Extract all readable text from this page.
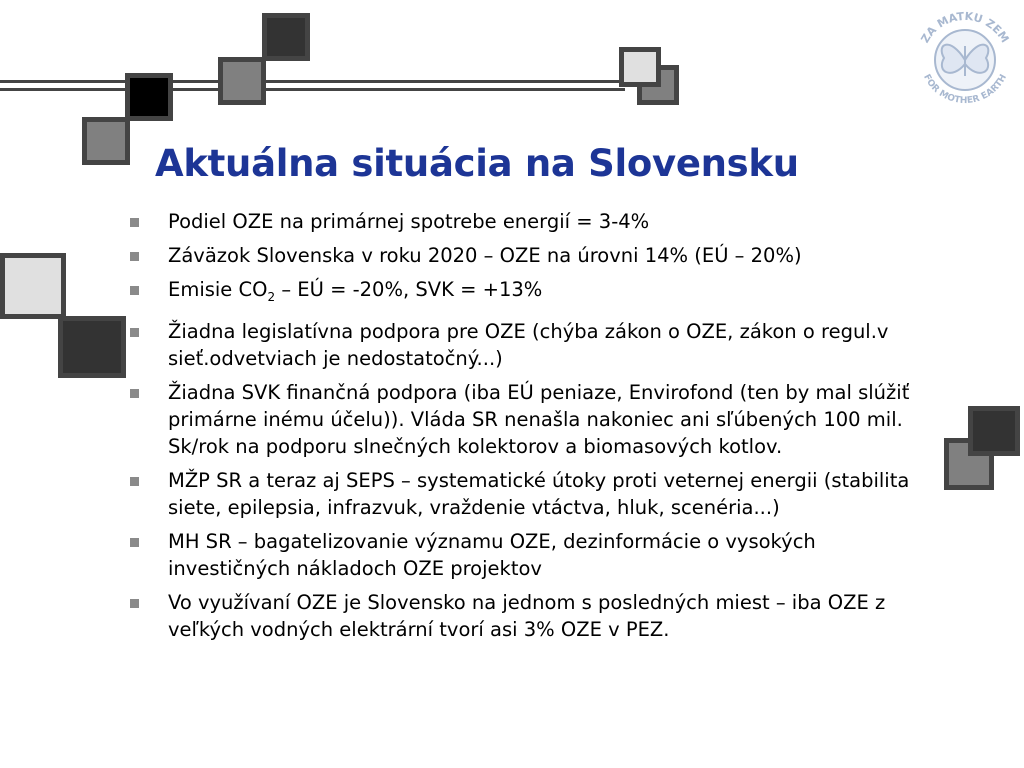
ZA MATKU ZEM
FOR MOTHER EARTH
Aktuálna situácia na Slovensku
Podiel OZE na primárnej spotrebe energií = 3-4%
Záväzok Slovenska v roku 2020 – OZE na úrovni 14% (EÚ – 20%)
Emisie $CO_2$ – EÚ = -20%, SVK = +13%
Žiadna legislatívna podpora pre OZE (chýba zákon o OZE, zákon o regul.v sieť.odvetviach je nedostatočný...)
Žiadna SVK finančná podpora (iba EÚ peniaze, Envirofond (ten by mal slúžiť primárne inému účelu)). Vláda SR nenašla nakoniec ani sľúbených 100 mil. Sk/rok na podporu slnečných kolektorov a biomasových kotlov.
MŽP SR a teraz aj SEPS – systematické útoky proti veternej energii (stabilita siete, epilepsia, infrazvuk, vraždenie vtáctva, hluk, scenéria...)
MH SR – bagatelizovanie významu OZE, dezinformácie o vysokých investičných nákladoch OZE projektov
Vo využívaní OZE je Slovensko na jednom s posledných miest – iba OZE z veľkých vodných elektrární tvorí asi 3% OZE v PEZ.
